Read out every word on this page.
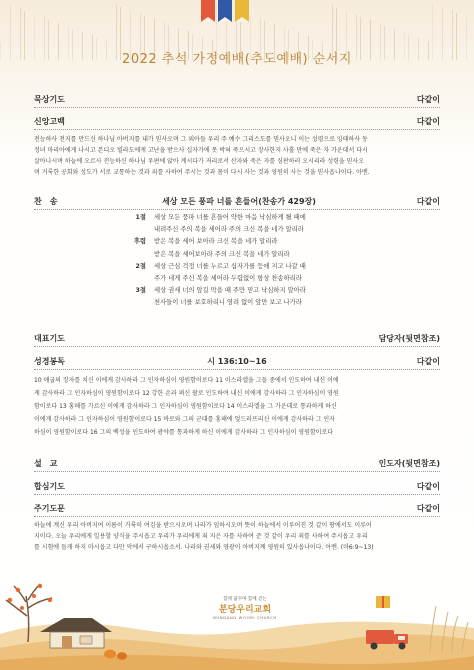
2022 추석 가정예배(추도예배) 순서지
묵상기도	다같이
신앙고백	다같이
전능하사 천지를 만드신 하나님 아버지를 내가 믿사오며 그 외아들 우리 주 예수 그리스도를 믿사오니 이는 성령으로 잉태하사 동
정녀 마리아에게 나시고 본디오 빌라도에게 고난을 받으사 십자가에 못 박혀 죽으시고 장사한지 사흘 만에 죽은 자 가운데서 다시
살아나시며 하늘에 오르사 전능하신 하나님 우편에 앉아 계시다가 저리로서 산자와 죽은 자를 심판하러 오시리라 성령을 믿사오
며 거룩한 공회와 성도가 서로 교통하는 것과 죄를 사하여 주시는 것과 몸이 다시 사는 것과 영원히 사는 것을 믿사옵나이다. 아멘.
찬　송	세상 모든 풍파 너를 흔들어(찬송가 429장)	다같이
1절 세상 모든 풍파 너를 흔들어 약한 마음 낙심하게 될 때에
내려주신 주의 복을 세어라 주의 크신 복을 네가 알리라
후렴 받은 복을 세어 보아라 크신 복을 네가 알리라
받은 복을 세어보아라 주의 크신 복을 네가 알리라
2절 세상 근심 걱정 너를 누르고 십자가를 등에 지고 나갈 때
주가 네게 주신 복을 세어라 두렴없이 항상 찬송하리라
3절 세상 권세 너의 앞길 막을 때 주만 믿고 낙심하지 말아라
천사들이 너를 보호하리니 염려 없이 앞만 보고 나가라
대표기도	담당자(뒷면참조)
성경봉독	시 136:10~16	다같이
10 애굽의 장자를 치신 이에게 감사하라 그 인자하심이 영원함이로다 11 이스라엘을 그들 중에서 인도하여 내신 이에
게 감사하라 그 인자하심이 영원함이로다 12 강한 손과 펴신 팔로 인도하여 내신 이에게 감사하라 그 인자하심이 영원
함이로다 13 홍해를 가르신 이에게 감사하라 그 인자하심이 영원함이로다 14 이스라엘을 그 가운데로 통과하게 하신
이에게 감사하라 그 인자하심이 영원함이로다 15 바로와 그의 군대를 홍해에 엎드러뜨리신 이에게 감사하라 그 인자
하심이 영원함이로다 16 그의 백성을 인도하여 광야를 통과하게 하신 이에게 감사하라 그 인자하심이 영원함이로다
설　교	인도자(뒷면참조)
합심기도	다같이
주기도문	다같이
하늘에 계신 우리 아버지여 이름이 거룩히 여김을 받으시오며 나라가 임하시오며 뜻이 하늘에서 이루어진 것 같이 땅에서도 이루어
지이다. 오늘 우리에게 일용할 양식을 주시옵고 우리가 우리에게 죄 지은 자를 사하여 준 것 같이 우리 죄를 사하여 주시옵고 우리
를 시험에 들게 하지 마시옵고 다만 악에서 구하시옵소서. 나라와 권세와 영광이 아버지께 영원히 있사옵나이다. 아멘. (마6:9~13)
함께 꿈꾸며 함께 걷는
분당우리교회
BUNDANG WOORI CHURCH
